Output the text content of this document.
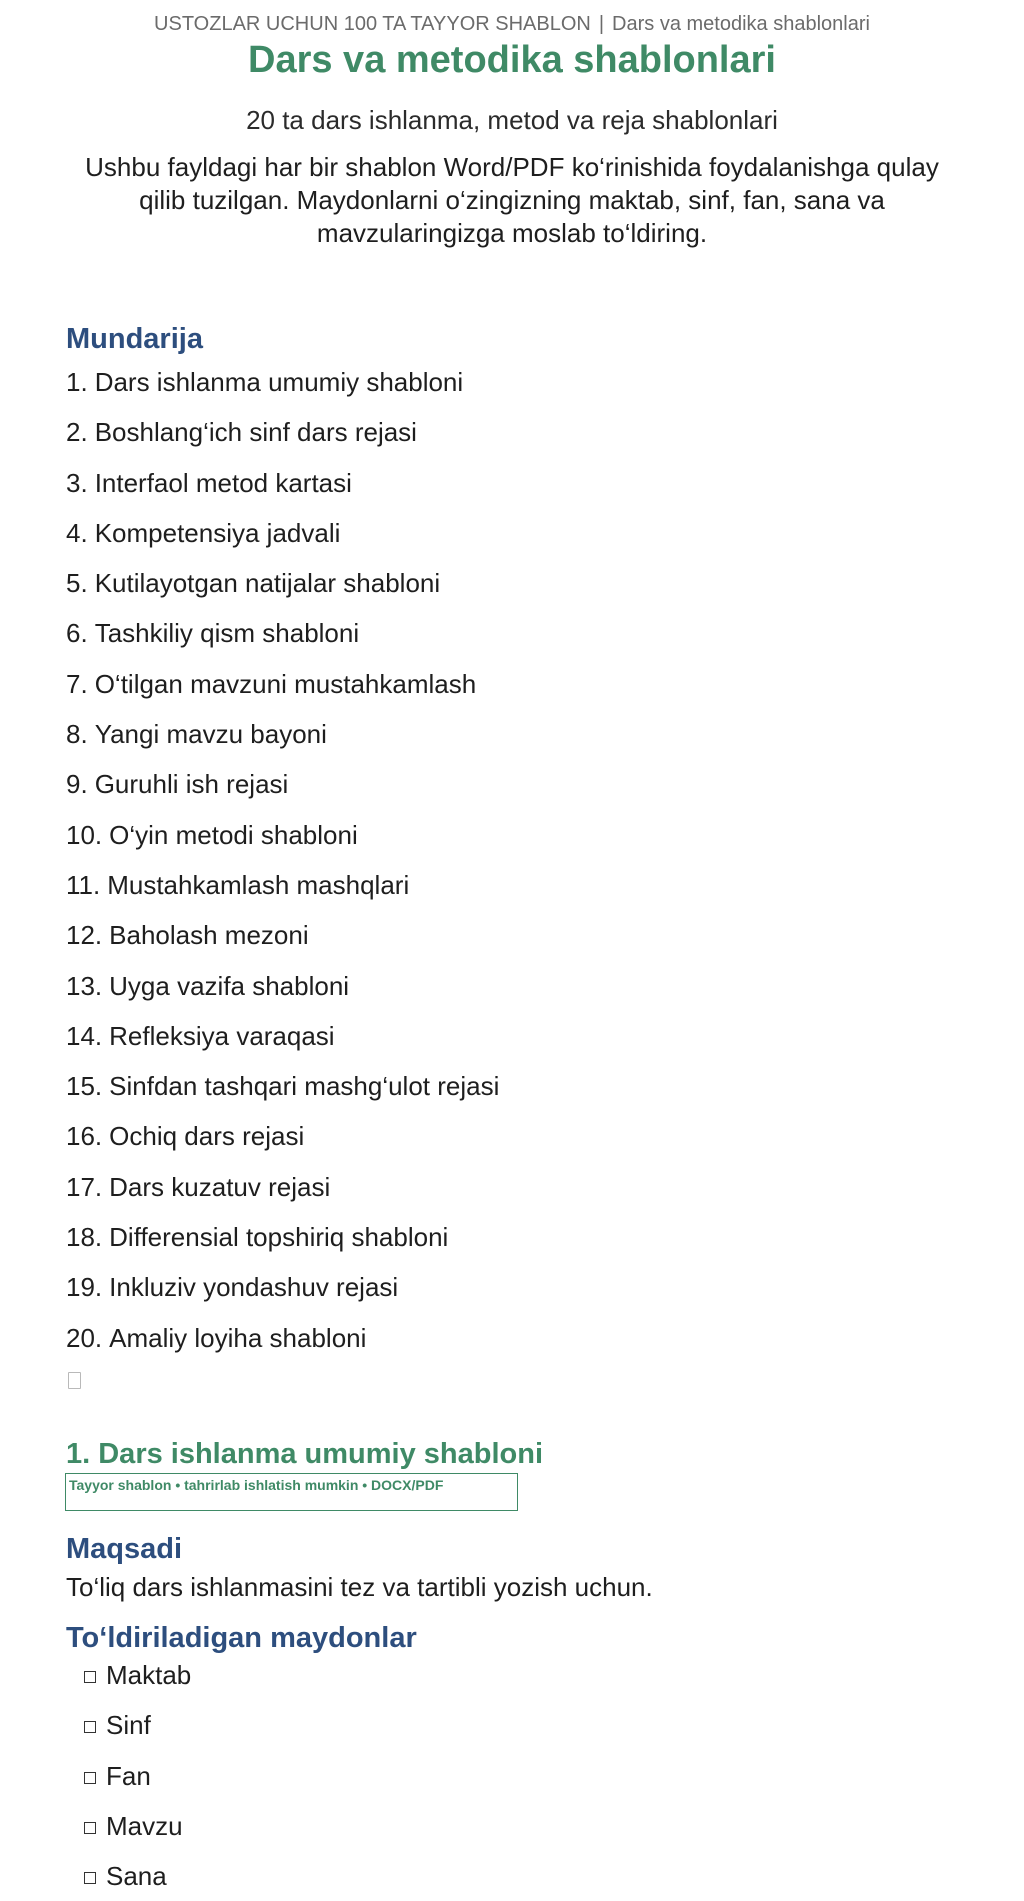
USTOZLAR UCHUN 100 TA TAYYOR SHABLON | Dars va metodika shablonlari
Dars va metodika shablonlari
20 ta dars ishlanma, metod va reja shablonlari
Ushbu fayldagi har bir shablon Word/PDF ko‘rinishida foydalanishga qulay qilib tuzilgan. Maydonlarni o‘zingizning maktab, sinf, fan, sana va mavzularingizga moslab to‘ldiring.
Mundarija
1. Dars ishlanma umumiy shabloni
2. Boshlang‘ich sinf dars rejasi
3. Interfaol metod kartasi
4. Kompetensiya jadvali
5. Kutilayotgan natijalar shabloni
6. Tashkiliy qism shabloni
7. O‘tilgan mavzuni mustahkamlash
8. Yangi mavzu bayoni
9. Guruhli ish rejasi
10. O‘yin metodi shabloni
11. Mustahkamlash mashqlari
12. Baholash mezoni
13. Uyga vazifa shabloni
14. Refleksiya varaqasi
15. Sinfdan tashqari mashg‘ulot rejasi
16. Ochiq dars rejasi
17. Dars kuzatuv rejasi
18. Differensial topshiriq shabloni
19. Inkluziv yondashuv rejasi
20. Amaliy loyiha shabloni
1. Dars ishlanma umumiy shabloni
Tayyor shablon • tahrirlab ishlatish mumkin • DOCX/PDF
Maqsadi
To‘liq dars ishlanmasini tez va tartibli yozish uchun.
To‘ldiriladigan maydonlar
Maktab
Sinf
Fan
Mavzu
Sana
